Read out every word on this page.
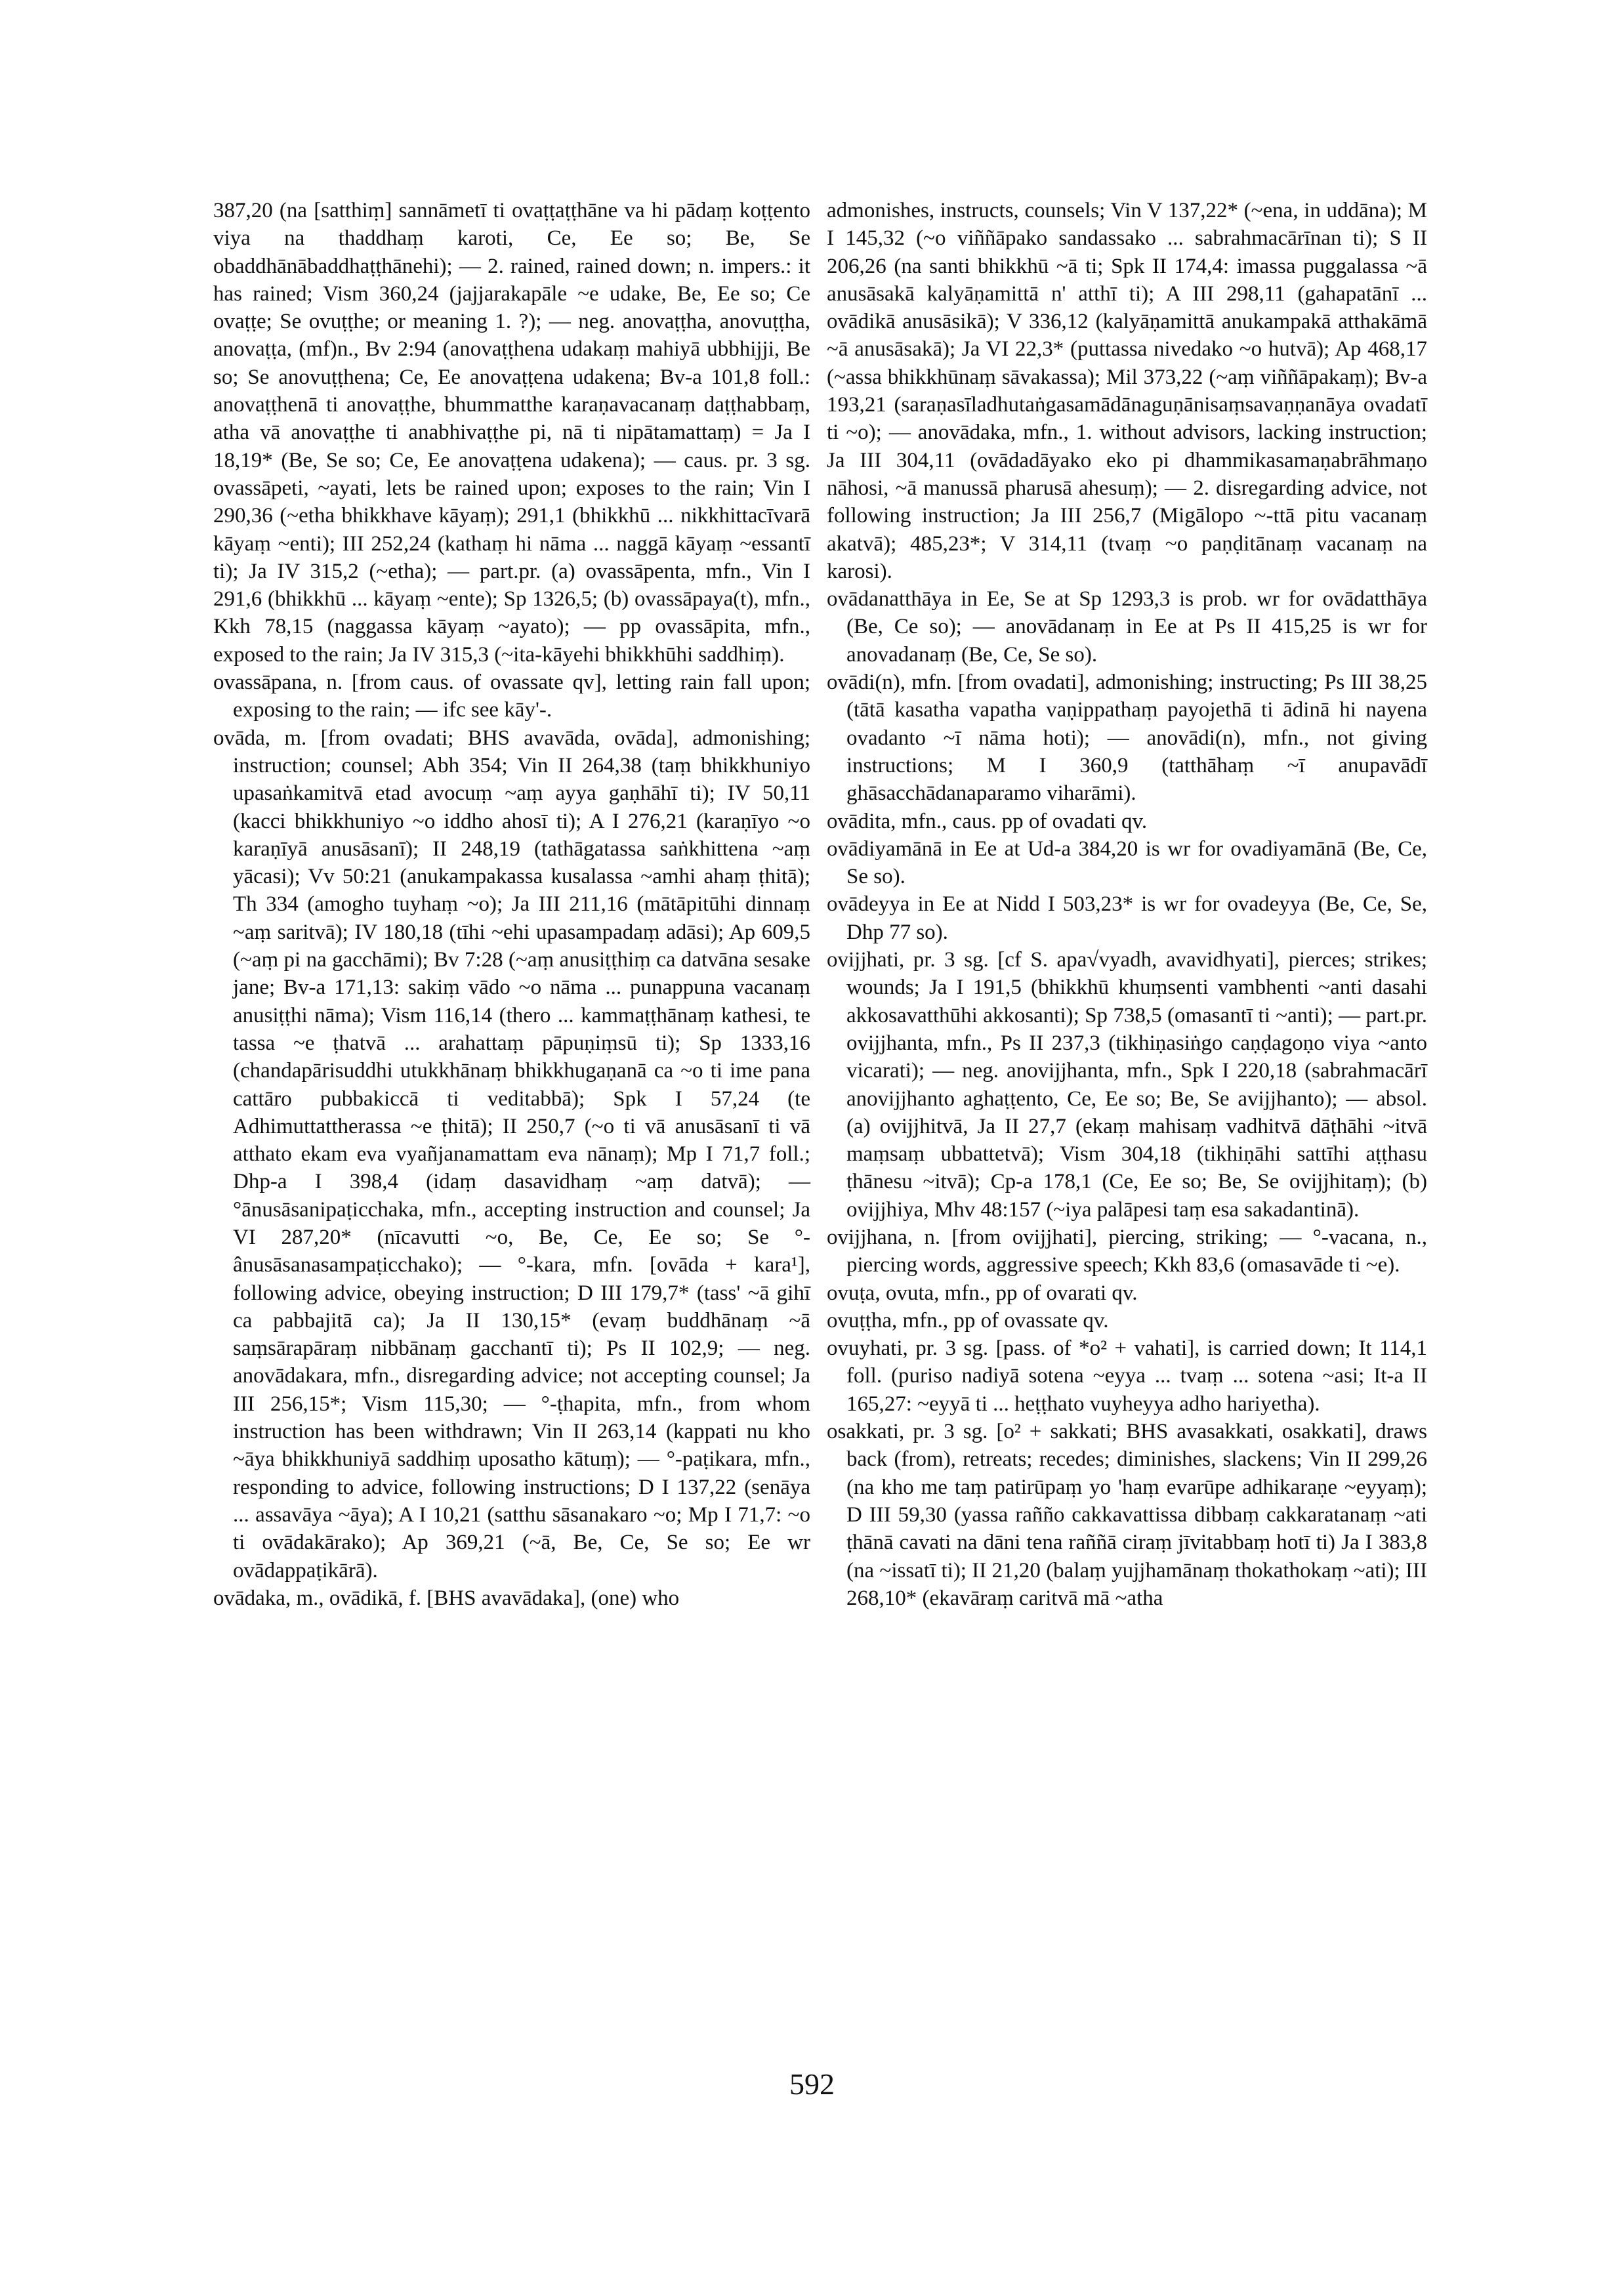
387,20 (na [satthiṃ] sannāmetī ti ovaṭṭaṭṭhāne va hi pādaṃ koṭṭento viya na thaddhaṃ karoti, Ce, Ee so; Be, Se obaddhānābaddhaṭṭhānehi); — 2. rained, rained down; n. impers.: it has rained; Vism 360,24 (jajjarakapāle ~e udake, Be, Ee so; Ce ovaṭṭe; Se ovuṭṭhe; or meaning 1. ?); — neg. anovaṭṭha, anovuṭṭha, anovaṭṭa, (mf)n., Bv 2:94 (anovaṭṭhena udakaṃ mahiyā ubbhijji, Be so; Se anovuṭṭhena; Ce, Ee anovaṭṭena udakena; Bv-a 101,8 foll.: anovaṭṭhenā ti anovaṭṭhe, bhummatthe karaṇavacanaṃ daṭṭhabbaṃ, atha vā anovaṭṭhe ti anabhivaṭṭhe pi, nā ti nipātamattaṃ) = Ja I 18,19* (Be, Se so; Ce, Ee anovaṭṭena udakena); — caus. pr. 3 sg. ovassāpeti, ~ayati, lets be rained upon; exposes to the rain; Vin I 290,36 (~etha bhikkhave kāyaṃ); 291,1 (bhikkhū ... nikkhittacīvarā kāyaṃ ~enti); III 252,24 (kathaṃ hi nāma ... naggā kāyaṃ ~essantī ti); Ja IV 315,2 (~etha); — part.pr. (a) ovassāpenta, mfn., Vin I 291,6 (bhikkhū ... kāyaṃ ~ente); Sp 1326,5; (b) ovassāpaya(t), mfn., Kkh 78,15 (naggassa kāyaṃ ~ayato); — pp ovassāpita, mfn., exposed to the rain; Ja IV 315,3 (~ita-kāyehi bhikkhūhi saddhiṃ).

ovassāpana, n. [from caus. of ovassate qv], letting rain fall upon; exposing to the rain; — ifc see kāy'-.

ovāda, m. [from ovadati; BHS avavāda, ovāda], admonishing; instruction; counsel; Abh 354; Vin II 264,38 (taṃ bhikkhuniyo upasaṅkamitvā etad avocuṃ ~aṃ ayya gaṇhāhī ti); IV 50,11 (kacci bhikkhuniyo ~o iddho ahosī ti); A I 276,21 (karaṇīyo ~o karaṇīyā anusāsanī); II 248,19 (tathāgatassa saṅkhittena ~aṃ yācasi); Vv 50:21 (anukampakassa kusalassa ~amhi ahaṃ ṭhitā); Th 334 (amogho tuyhaṃ ~o); Ja III 211,16 (mātāpitūhi dinnaṃ ~aṃ saritvā); IV 180,18 (tīhi ~ehi upasampadaṃ adāsi); Ap 609,5 (~aṃ pi na gacchāmi); Bv 7:28 (~aṃ anusiṭṭhiṃ ca datvāna sesake jane; Bv-a 171,13: sakiṃ vādo ~o nāma ... punappuna vacanaṃ anusiṭṭhi nāma); Vism 116,14 (thero ... kammaṭṭhānaṃ kathesi, te tassa ~e ṭhatvā ... arahattaṃ pāpuṇiṃsū ti); Sp 1333,16 (chandapārisuddhi utukkhānaṃ bhikkhugaṇanā ca ~o ti ime pana cattāro pubbakiccā ti veditabbā); Spk I 57,24 (te Adhimuttattherassa ~e ṭhitā); II 250,7 (~o ti vā anusāsanī ti vā atthato ekam eva vyañjanamattam eva nānaṃ); Mp I 71,7 foll.; Dhp-a I 398,4 (idaṃ dasavidhaṃ ~aṃ datvā); — °ānusāsanipaṭicchaka, mfn., accepting instruction and counsel; Ja VI 287,20* (nīcavutti ~o, Be, Ce, Ee so; Se °-ânusāsanasampaṭicchako); — °-kara, mfn. [ovāda + kara¹], following advice, obeying instruction; D III 179,7* (tass' ~ā gihī ca pabbajitā ca); Ja II 130,15* (evaṃ buddhānaṃ ~ā saṃsārapāraṃ nibbānaṃ gacchantī ti); Ps II 102,9; — neg. anovādakara, mfn., disregarding advice; not accepting counsel; Ja III 256,15*; Vism 115,30; — °-ṭhapita, mfn., from whom instruction has been withdrawn; Vin II 263,14 (kappati nu kho ~āya bhikkhuniyā saddhiṃ uposatho kātuṃ); — °-paṭikara, mfn., responding to advice, following instructions; D I 137,22 (senāya ... assavāya ~āya); A I 10,21 (satthu sāsanakaro ~o; Mp I 71,7: ~o ti ovādakārako); Ap 369,21 (~ā, Be, Ce, Se so; Ee wr ovādappaṭikārā).

ovādaka, m., ovādikā, f. [BHS avavādaka], (one) who

admonishes, instructs, counsels; Vin V 137,22* (~ena, in uddāna); M I 145,32 (~o viññāpako sandassako ... sabrahmacārīnan ti); S II 206,26 (na santi bhikkhū ~ā ti; Spk II 174,4: imassa puggalassa ~ā anusāsakā kalyāṇamittā n' atthī ti); A III 298,11 (gahapatānī ... ovādikā anusāsikā); V 336,12 (kalyāṇamittā anukampakā atthakāmā ~ā anusāsakā); Ja VI 22,3* (puttassa nivedako ~o hutvā); Ap 468,17 (~assa bhikkhūnaṃ sāvakassa); Mil 373,22 (~aṃ viññāpakaṃ); Bv-a 193,21 (saraṇasīladhutaṅgasamādānaguṇānisaṃsavaṇṇanāya ovadatī ti ~o); — anovādaka, mfn., 1. without advisors, lacking instruction; Ja III 304,11 (ovādadāyako eko pi dhammikasamaṇabrāhmaṇo nāhosi, ~ā manussā pharusā ahesuṃ); — 2. disregarding advice, not following instruction; Ja III 256,7 (Migālopo ~-ttā pitu vacanaṃ akatvā); 485,23*; V 314,11 (tvaṃ ~o paṇḍitānaṃ vacanaṃ na karosi).

ovādanatthāya in Ee, Se at Sp 1293,3 is prob. wr for ovādatthāya (Be, Ce so); — anovādanaṃ in Ee at Ps II 415,25 is wr for anovadanaṃ (Be, Ce, Se so).

ovādi(n), mfn. [from ovadati], admonishing; instructing; Ps III 38,25 (tātā kasatha vapatha vaṇippathaṃ payojethā ti ādinā hi nayena ovadanto ~ī nāma hoti); — anovādi(n), mfn., not giving instructions; M I 360,9 (tatthāhaṃ ~ī anupavādī ghāsacchādanaparamo viharāmi).

ovādita, mfn., caus. pp of ovadati qv.

ovādiyamānā in Ee at Ud-a 384,20 is wr for ovadiyamānā (Be, Ce, Se so).

ovādeyya in Ee at Nidd I 503,23* is wr for ovadeyya (Be, Ce, Se, Dhp 77 so).

ovijjhati, pr. 3 sg. [cf S. apa√vyadh, avavidhyati], pierces; strikes; wounds; Ja I 191,5 (bhikkhū khuṃsenti vambhenti ~anti dasahi akkosavatthūhi akkosanti); Sp 738,5 (omasantī ti ~anti); — part.pr. ovijjhanta, mfn., Ps II 237,3 (tikhiṇasiṅgo caṇḍagoṇo viya ~anto vicarati); — neg. anovijjhanta, mfn., Spk I 220,18 (sabrahmacārī anovijjhanto aghaṭṭento, Ce, Ee so; Be, Se avijjhanto); — absol. (a) ovijjhitvā, Ja II 27,7 (ekaṃ mahisaṃ vadhitvā dāṭhāhi ~itvā maṃsaṃ ubbattetvā); Vism 304,18 (tikhiṇāhi sattīhi aṭṭhasu ṭhānesu ~itvā); Cp-a 178,1 (Ce, Ee so; Be, Se ovijjhitaṃ); (b) ovijjhiya, Mhv 48:157 (~iya palāpesi taṃ esa sakadantinā).

ovijjhana, n. [from ovijjhati], piercing, striking; — °-vacana, n., piercing words, aggressive speech; Kkh 83,6 (omasavāde ti ~e).

ovuṭa, ovuta, mfn., pp of ovarati qv.

ovuṭṭha, mfn., pp of ovassate qv.

ovuyhati, pr. 3 sg. [pass. of *o² + vahati], is carried down; It 114,1 foll. (puriso nadiyā sotena ~eyya ... tvaṃ ... sotena ~asi; It-a II 165,27: ~eyyā ti ... heṭṭhato vuyheyya adho hariyetha).

osakkati, pr. 3 sg. [o² + sakkati; BHS avasakkati, osakkati], draws back (from), retreats; recedes; diminishes, slackens; Vin II 299,26 (na kho me taṃ patirūpaṃ yo 'haṃ evarūpe adhikaraṇe ~eyyaṃ); D III 59,30 (yassa rañño cakkavattissa dibbaṃ cakkaratanaṃ ~ati ṭhānā cavati na dāni tena raññā ciraṃ jīvitabbaṃ hotī ti) Ja I 383,8 (na ~issatī ti); II 21,20 (balaṃ yujjhamānaṃ thokathokaṃ ~ati); III 268,10* (ekavāraṃ caritvā mā ~atha

592
